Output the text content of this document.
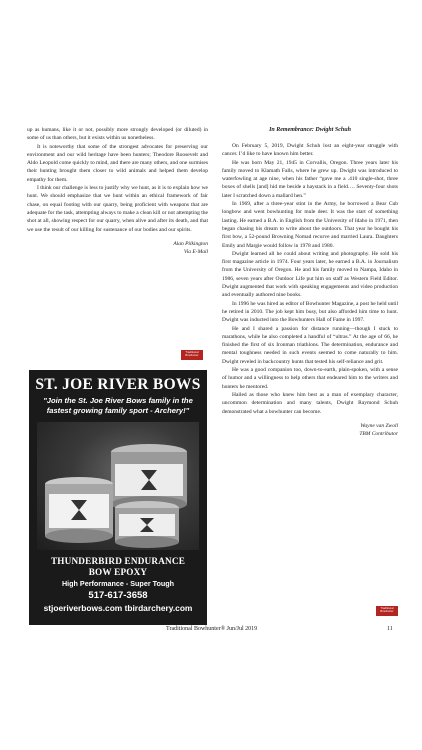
up as humans, like it or not, possibly more strongly developed (or diluted) in some of us than others, but it exists within us nonetheless.

It is noteworthy that some of the strongest advocates for preserving our environment and our wild heritage have been hunters; Theodore Roosevelt and Aldo Leopold come quickly to mind, and there are many others, and one surmises their hunting brought them closer to wild animals and helped them develop empathy for them.

I think our challenge is less to justify why we hunt, as it is to explain how we hunt. We should emphasize that we hunt within an ethical framework of fair chase, on equal footing with our quarry, being proficient with weapons that are adequate for the task, attempting always to make a clean kill or not attempting the shot at all, showing respect for our quarry, when alive and after its death, and that we use the result of our killing for sustenance of our bodies and our spirits.

Alan Pilkington
Via E-Mail
Traditional Bowhunter
In Remembrance: Dwight Schuh

On February 5, 2019, Dwight Schuh lost an eight-year struggle with cancer. I’d like to have known him better.

He was born May 21, 1945 in Corvallis, Oregon. Three years later his family moved to Klamath Falls, where he grew up. Dwight was introduced to waterfowling at age nine, when his father “gave me a .410 single-shot, three boxes of shells [and] hid me beside a haystack in a field…. Seventy-four shots later I scratched down a mallard hen.”

In 1969, after a three-year stint in the Army, he borrowed a Bear Cub longbow and went bowhunting for mule deer. It was the start of something lasting. He earned a B.A. in English from the University of Idaho in 1971, then began chasing his dream to write about the outdoors. That year he bought his first bow, a 52-pound Browning Nomad recurve and married Laura. Daughters Emily and Margie would follow in 1978 and 1980.

Dwight learned all he could about writing and photography. He sold his first magazine article in 1974. Four years later, he earned a B.A. in Journalism from the University of Oregon. He and his family moved to Nampa, Idaho in 1986, seven years after Outdoor Life put him on staff as Western Field Editor. Dwight augmented that work with speaking engagements and video production and eventually authored nine books.

In 1996 he was hired as editor of Bowhunter Magazine, a post he held until he retired in 2010. The job kept him busy, but also afforded him time to hunt. Dwight was inducted into the Bowhunters Hall of Fame in 1997.

He and I shared a passion for distance running—though I stuck to marathons, while he also completed a handful of “ultras.” At the age of 66, he finished the first of six Ironman triathlons. The determination, endurance and mental toughness needed in such events seemed to come naturally to him. Dwight reveled in backcountry hunts that tested his self-reliance and grit.

He was a good companion too, down-to-earth, plain-spoken, with a sense of humor and a willingness to help others that endeared him to the writers and hunters he mentored.

Hailed as those who knew him best as a man of exemplary character, uncommon determination and many talents, Dwight Raymond Schuh demonstrated what a bowhunter can become.

Wayne van Zwoll
TBM Contributor
Traditional Bowhunter
ST. JOE RIVER BOWS
"Join the St. Joe River Bows family in the fastest growing family sport - Archery!"
THUNDERBIRD ENDURANCE
BOW EPOXY
High Performance - Super Tough
517-617-3658
stjoeriverbows.com tbirdarchery.com
Traditional Bowhunter® Jun/Jul 2019	11
